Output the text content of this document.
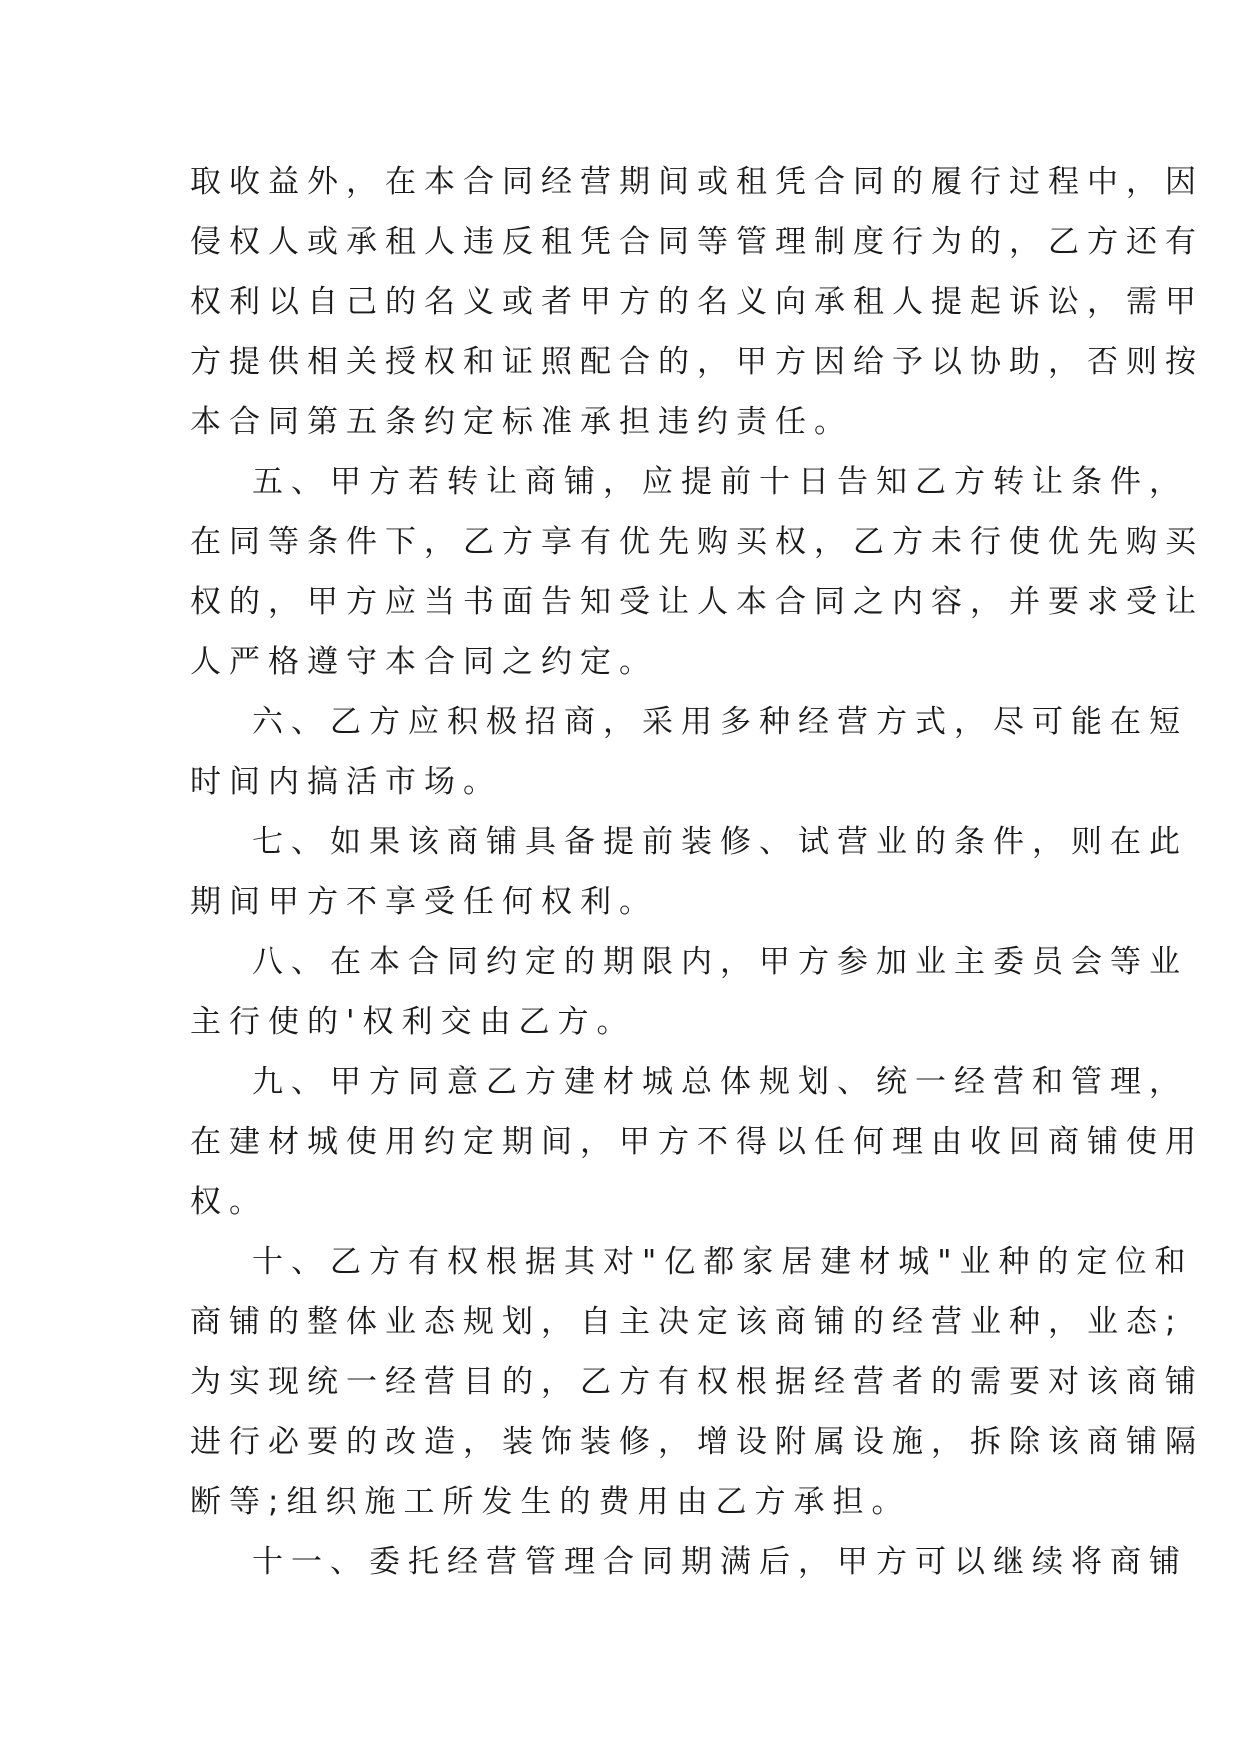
取收益外，在本合同经营期间或租凭合同的履行过程中，因
侵权人或承租人违反租凭合同等管理制度行为的，乙方还有
权利以自己的名义或者甲方的名义向承租人提起诉讼，需甲
方提供相关授权和证照配合的，甲方因给予以协助，否则按
本合同第五条约定标准承担违约责任。
五、甲方若转让商铺，应提前十日告知乙方转让条件，
在同等条件下，乙方享有优先购买权，乙方未行使优先购买
权的，甲方应当书面告知受让人本合同之内容，并要求受让
人严格遵守本合同之约定。
六、乙方应积极招商，采用多种经营方式，尽可能在短
时间内搞活市场。
七、如果该商铺具备提前装修、试营业的条件，则在此
期间甲方不享受任何权利。
八、在本合同约定的期限内，甲方参加业主委员会等业
主行使的'权利交由乙方。
九、甲方同意乙方建材城总体规划、统一经营和管理，
在建材城使用约定期间，甲方不得以任何理由收回商铺使用
权。
十、乙方有权根据其对"亿都家居建材城"业种的定位和
商铺的整体业态规划，自主决定该商铺的经营业种，业态;
为实现统一经营目的，乙方有权根据经营者的需要对该商铺
进行必要的改造，装饰装修，增设附属设施，拆除该商铺隔
断等;组织施工所发生的费用由乙方承担。
十一、委托经营管理合同期满后，甲方可以继续将商铺
